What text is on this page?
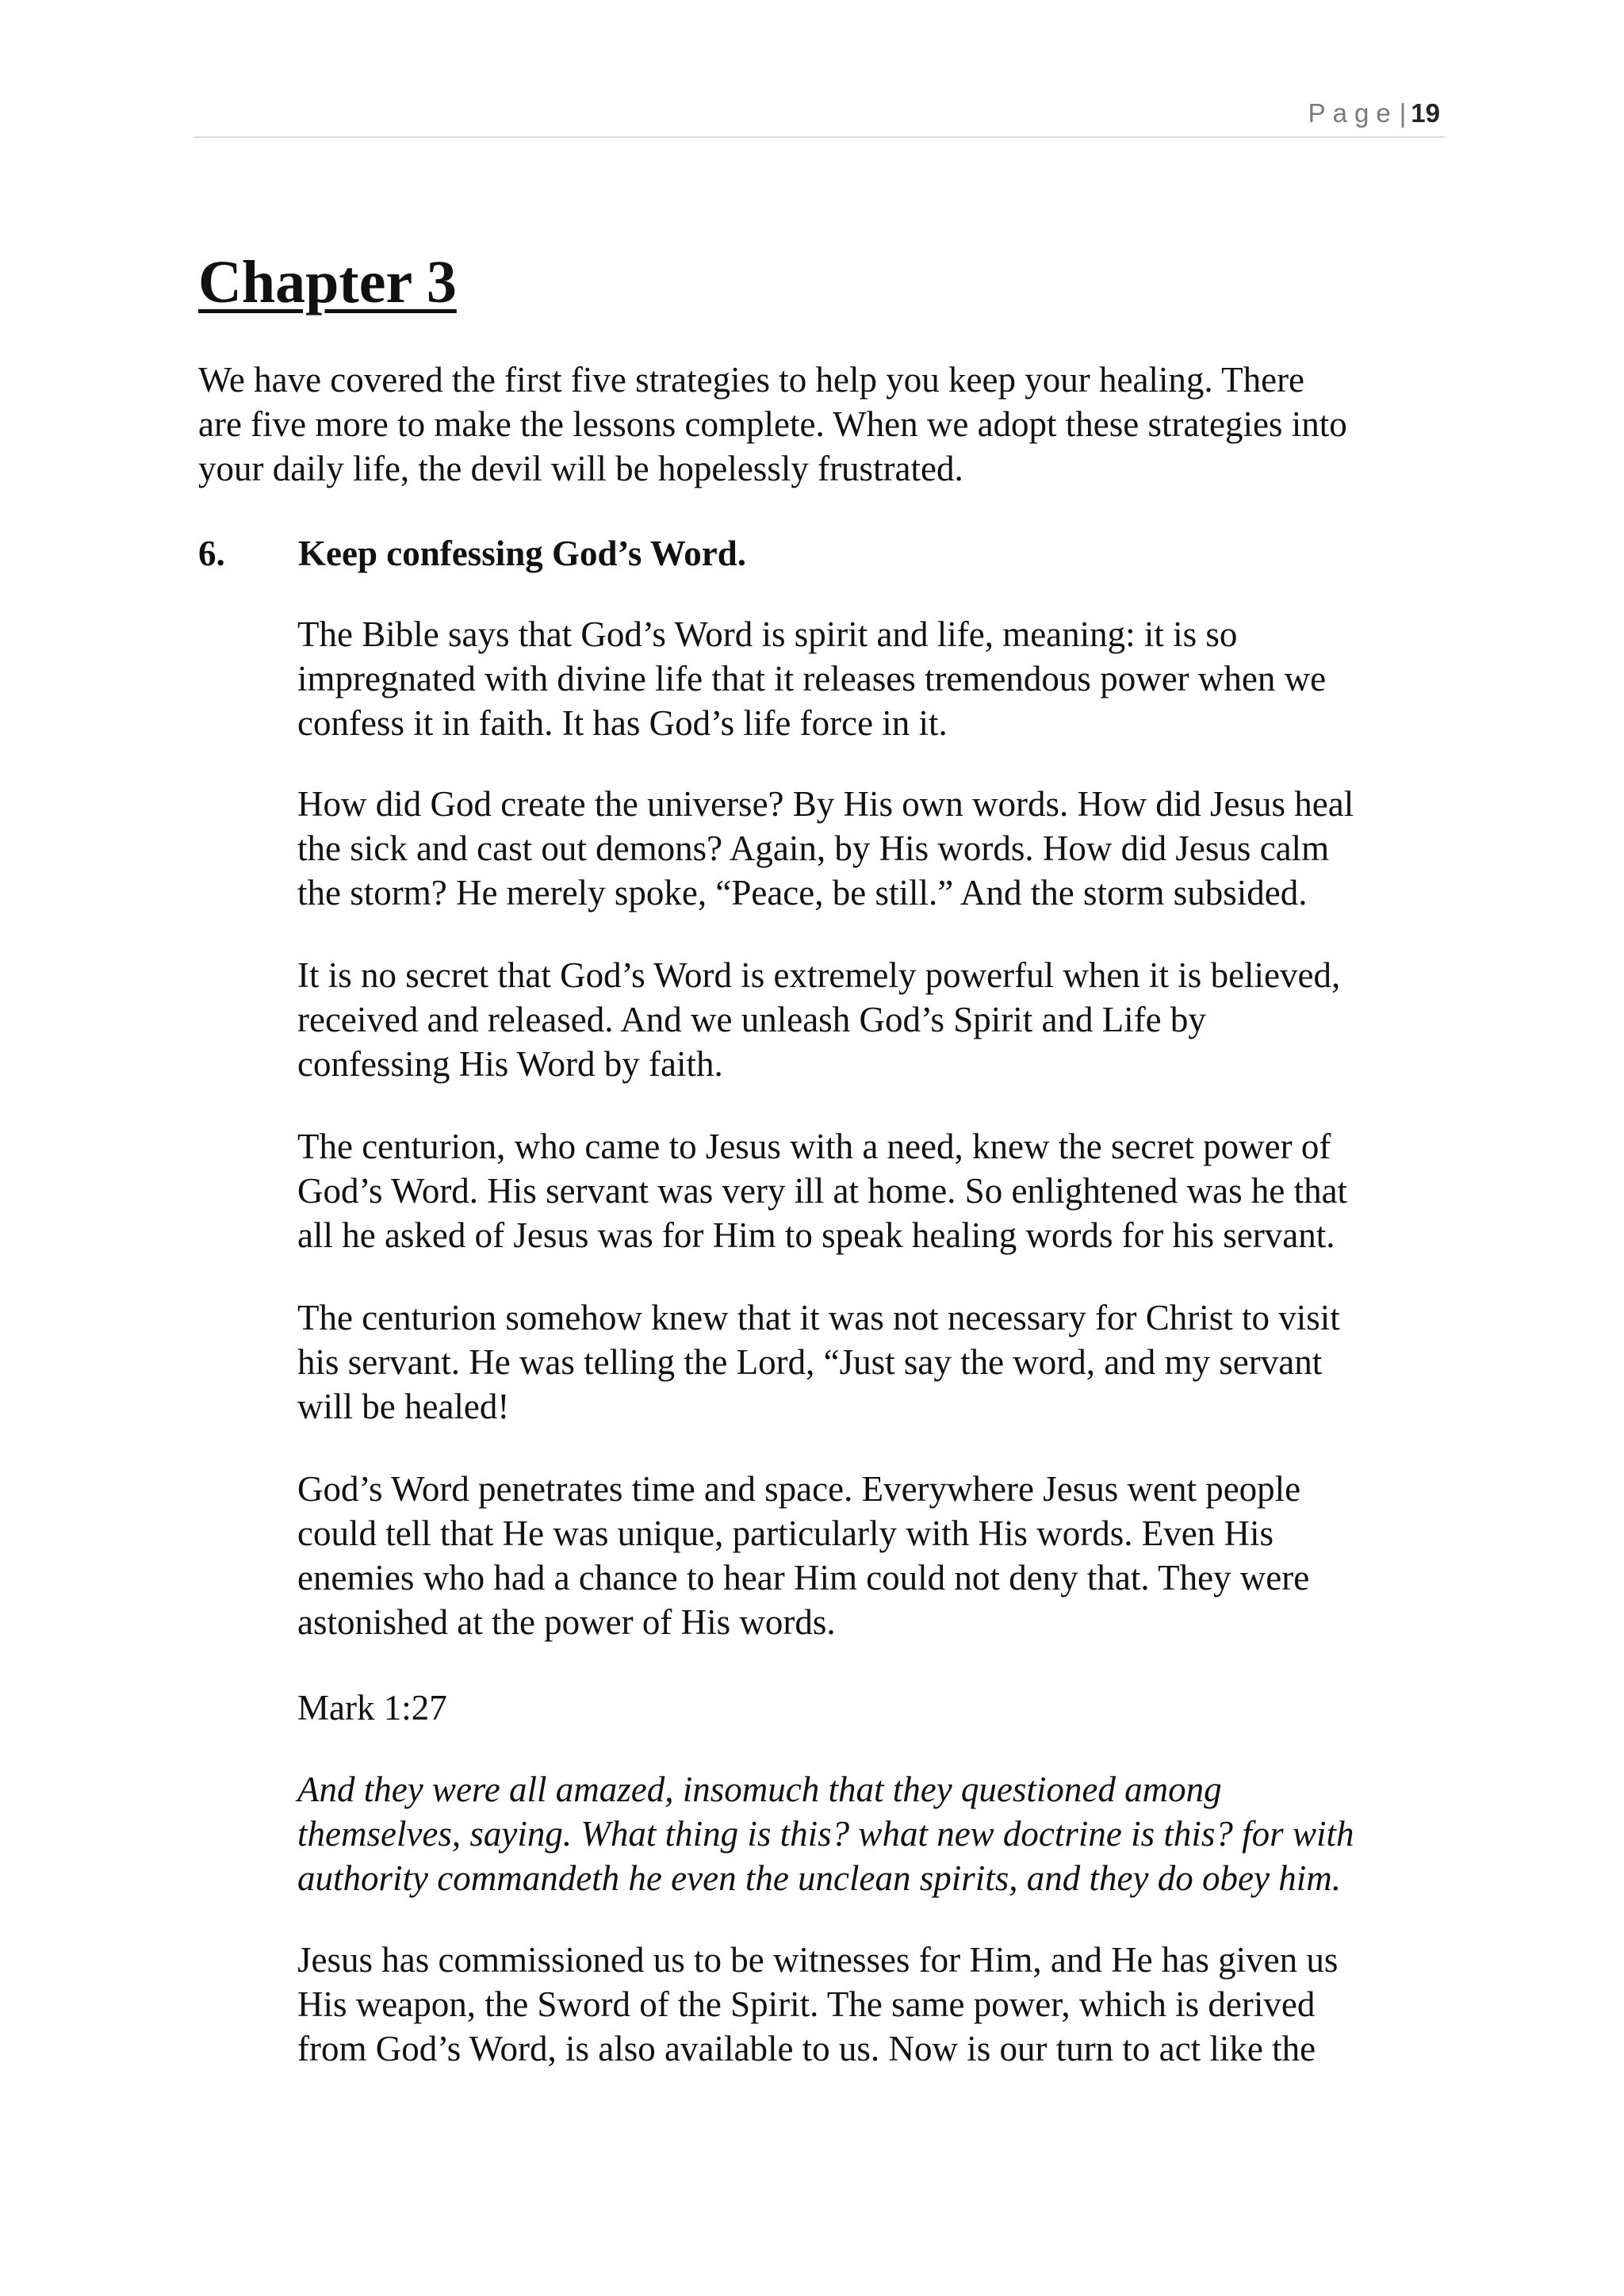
Page| 19
Chapter 3
We have covered the first five strategies to help you keep your healing. There
are five more to make the lessons complete. When we adopt these strategies into
your daily life, the devil will be hopelessly frustrated.
6. Keep confessing God’s Word.
The Bible says that God’s Word is spirit and life, meaning: it is so
impregnated with divine life that it releases tremendous power when we
confess it in faith. It has God’s life force in it.
How did God create the universe? By His own words. How did Jesus heal
the sick and cast out demons? Again, by His words. How did Jesus calm
the storm? He merely spoke, “Peace, be still.” And the storm subsided.
It is no secret that God’s Word is extremely powerful when it is believed,
received and released. And we unleash God’s Spirit and Life by
confessing His Word by faith.
The centurion, who came to Jesus with a need, knew the secret power of
God’s Word. His servant was very ill at home. So enlightened was he that
all he asked of Jesus was for Him to speak healing words for his servant.
The centurion somehow knew that it was not necessary for Christ to visit
his servant. He was telling the Lord, “Just say the word, and my servant
will be healed!
God’s Word penetrates time and space. Everywhere Jesus went people
could tell that He was unique, particularly with His words. Even His
enemies who had a chance to hear Him could not deny that. They were
astonished at the power of His words.
Mark 1:27
And they were all amazed, insomuch that they questioned among
themselves, saying. What thing is this? what new doctrine is this? for with
authority commandeth he even the unclean spirits, and they do obey him.
Jesus has commissioned us to be witnesses for Him, and He has given us
His weapon, the Sword of the Spirit. The same power, which is derived
from God’s Word, is also available to us. Now is our turn to act like the
